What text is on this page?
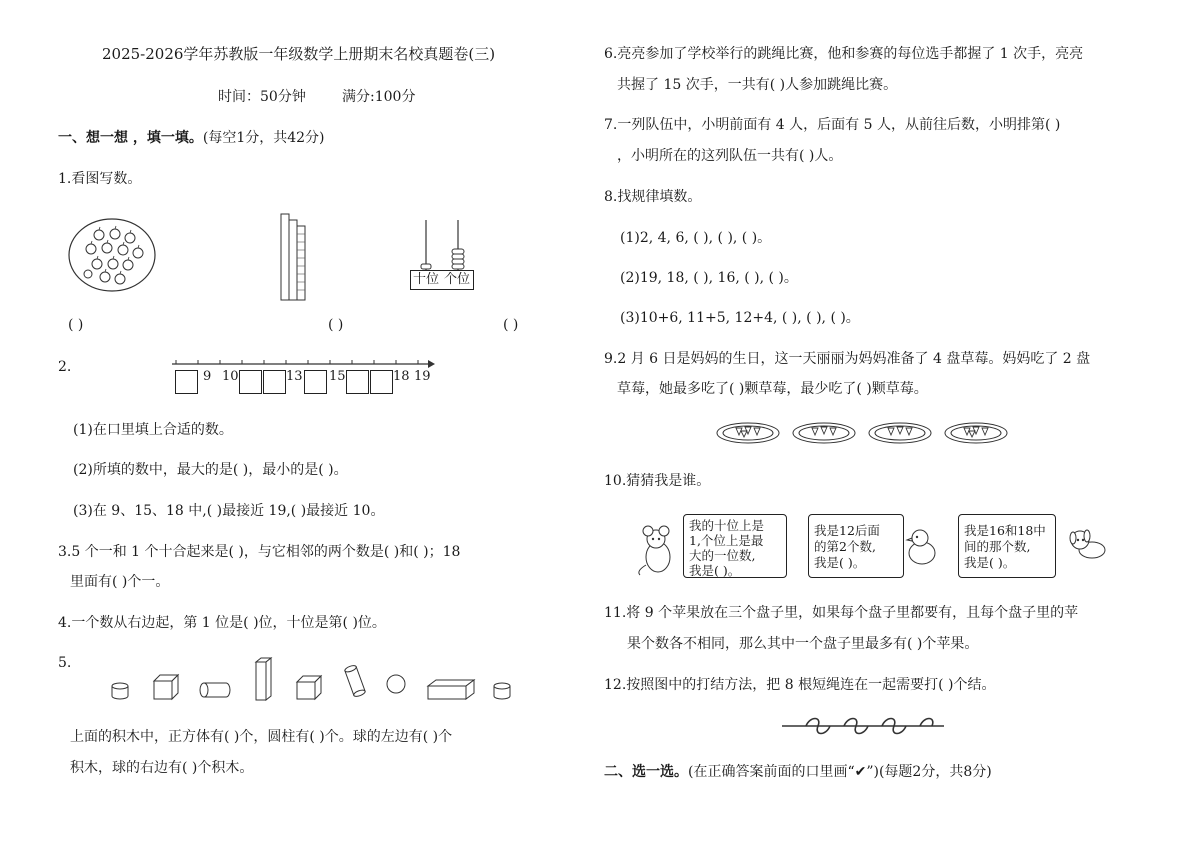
2025-2026学年苏教版一年级数学上册期末名校真题卷(三)
时间：50分钟	满分:100分
一、想一想 ，填一填。(每空1分，共42分)
1.看图写数。
十位 个位
( )	( )	( )
2.
9 10	13 15	18 19
(1)在口里填上合适的数。
(2)所填的数中，最大的是( )，最小的是( )。
(3)在 9、15、18 中,( )最接近 19,( )最接近 10。
3.5 个一和 1 个十合起来是( )，与它相邻的两个数是( )和( )；18
里面有( )个一。
4.一个数从右边起，第 1 位是( )位，十位是第( )位。
5.
上面的积木中，正方体有( )个，圆柱有( )个。球的左边有( )个
积木，球的右边有( )个积木。
6.亮亮参加了学校举行的跳绳比赛，他和参赛的每位选手都握了 1 次手，亮亮
共握了 15 次手，一共有( )人参加跳绳比赛。
7.一列队伍中，小明前面有 4 人，后面有 5 人，从前往后数，小明排第( )
，小明所在的这列队伍一共有( )人。
8.找规律填数。
(1)2, 4, 6, ( ), ( ), ( )。
(2)19, 18, ( ), 16, ( ), ( )。
(3)10+6, 11+5, 12+4, ( ), ( ), ( )。
9.2 月 6 日是妈妈的生日，这一天丽丽为妈妈准备了 4 盘草莓。妈妈吃了 2 盘
草莓，她最多吃了( )颗草莓，最少吃了( )颗草莓。
10.猜猜我是谁。
我的十位上是
1,个位上是最
大的一位数,
我是( )。
我是12后面
的第2个数,
我是( )。
我是16和18中
间的那个数,
我是( )。
11.将 9 个苹果放在三个盘子里，如果每个盘子里都要有，且每个盘子里的苹
果个数各不相同，那么其中一个盘子里最多有( )个苹果。
12.按照图中的打结方法，把 8 根短绳连在一起需要打( )个结。
二、选一选。(在正确答案前面的口里画“✔”)(每题2分，共8分)
